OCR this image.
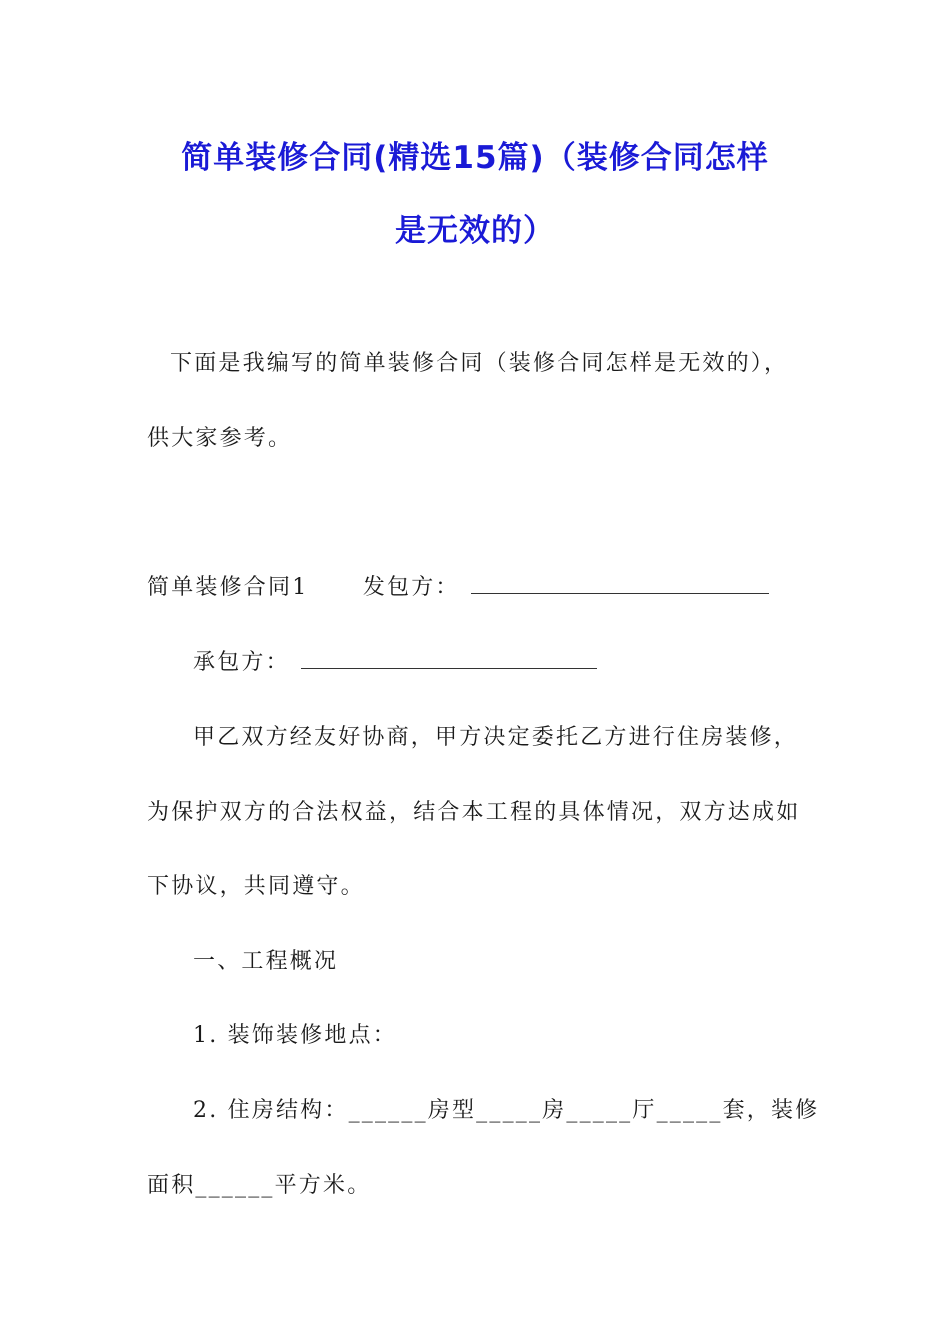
简单装修合同(精选15篇)（装修合同怎样
是无效的）
下面是我编写的简单装修合同（装修合同怎样是无效的），
供大家参考。
简单装修合同1 发包方：
承包方：
甲乙双方经友好协商，甲方决定委托乙方进行住房装修，
为保护双方的合法权益，结合本工程的具体情况，双方达成如
下协议，共同遵守。
一、工程概况
1. 装饰装修地点：
2. 住房结构：______房型_____房_____厅_____套，装修
面积______平方米。
